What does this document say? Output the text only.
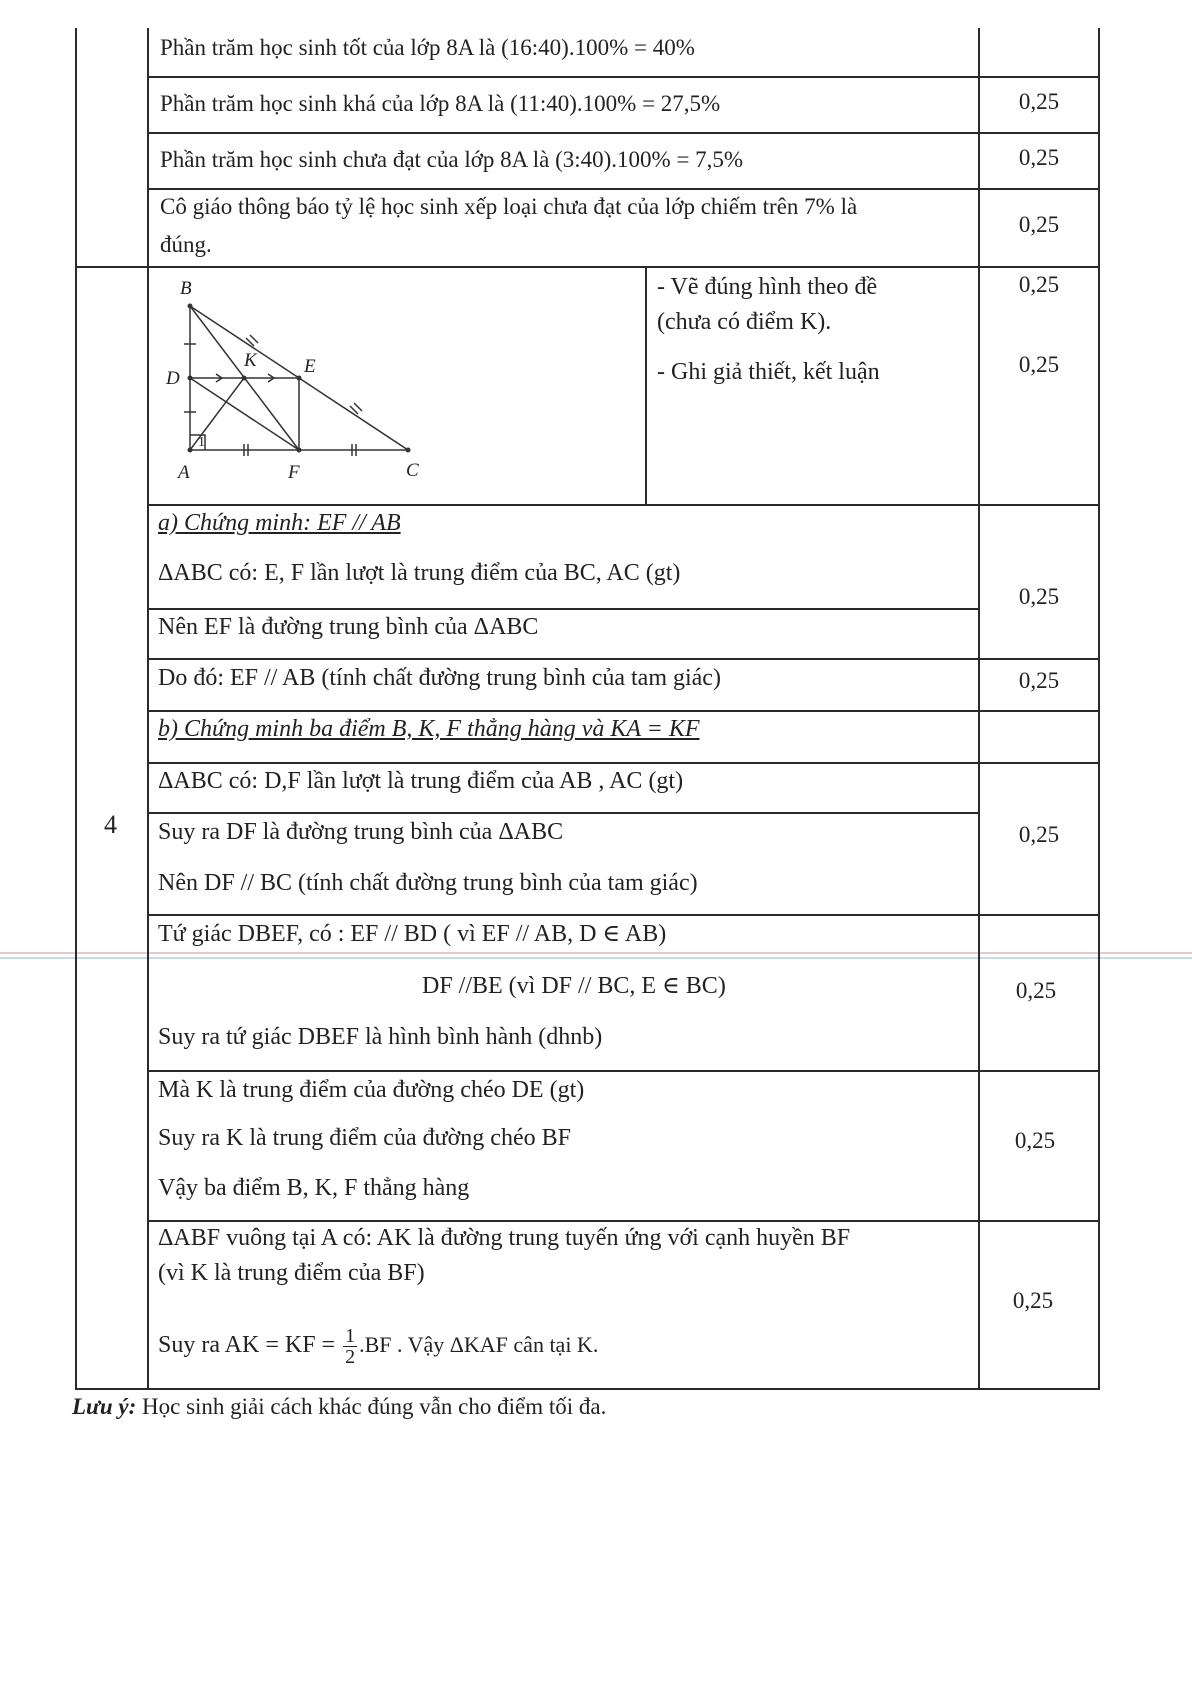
Phần trăm học sinh tốt của lớp 8A là (16:40).100% = 40%
Phần trăm học sinh khá của lớp 8A là (11:40).100% = 27,5%
Phần trăm học sinh chưa đạt của lớp 8A là (3:40).100% = 7,5%
Cô giáo thông báo tỷ lệ học sinh xếp loại chưa đạt của lớp chiếm trên 7% là
đúng.
4
B
D
K E
A	F	C
1
- Vẽ đúng hình theo đề
(chưa có điểm K).
- Ghi giả thiết, kết luận
a) Chứng minh: EF // AB
ΔABC có: E, F lần lượt là trung điểm của BC, AC (gt)
Nên EF là đường trung bình của ΔABC
Do đó: EF // AB (tính chất đường trung bình của tam giác)
b) Chứng minh ba điểm B, K, F thẳng hàng và KA = KF
ΔABC có: D,F lần lượt là trung điểm của AB , AC (gt)
Suy ra DF là đường trung bình của ΔABC
Nên DF // BC (tính chất đường trung bình của tam giác)
Tứ giác DBEF, có : EF // BD ( vì EF // AB, D ∈ AB)
DF //BE (vì DF // BC, E ∈ BC)
Suy ra tứ giác DBEF là hình bình hành (dhnb)
Mà K là trung điểm của đường chéo DE (gt)
Suy ra K là trung điểm của đường chéo BF
Vậy ba điểm B, K, F thẳng hàng
ΔABF vuông tại A có: AK là đường trung tuyến ứng với cạnh huyền BF
(vì K là trung điểm của BF)
Suy ra AK = KF = $\frac{1}{2} .BF$ . Vậy ΔKAF cân tại K.
0,25
0,25
0,25
0,25
0,25
0,25
0,25
0,25
0,25
0,25
0,25
Lưu ý: Học sinh giải cách khác đúng vẫn cho điểm tối đa.
